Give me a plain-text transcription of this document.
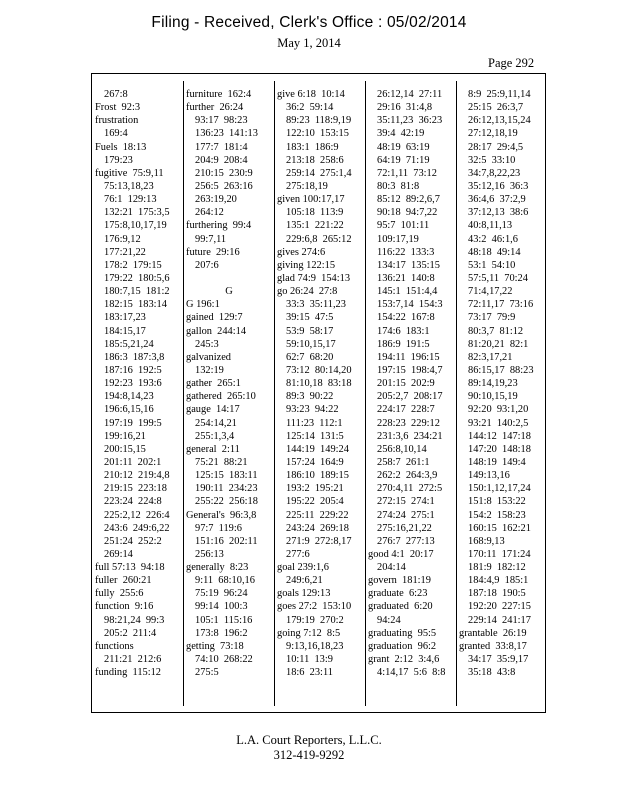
Filing - Received, Clerk's Office : 05/02/2014
May 1, 2014
Page 292
267:8
Frost  92:3
frustration
169:4
Fuels  18:13
179:23
fugitive  75:9,11
75:13,18,23
76:1  129:13
132:21  175:3,5
175:8,10,17,19
176:9,12
177:21,22
178:2  179:15
179:22  180:5,6
180:7,15  181:2
182:15  183:14
183:17,23
184:15,17
185:5,21,24
186:3  187:3,8
187:16  192:5
192:23  193:6
194:8,14,23
196:6,15,16
197:19  199:5
199:16,21
200:15,15
201:11  202:1
210:12  219:4,8
219:15  223:18
223:24  224:8
225:2,12  226:4
243:6  249:6,22
251:24  252:2
269:14
full 57:13  94:18
fuller  260:21
fully  255:6
function  9:16
98:21,24  99:3
205:2  211:4
functions
211:21  212:6
funding  115:12
furniture  162:4
further  26:24
93:17  98:23
136:23  141:13
177:7  181:4
204:9  208:4
210:15  230:9
256:5  263:16
263:19,20
264:12
furthering  99:4
99:7,11
future  29:16
207:6
G
G 196:1
gained  129:7
gallon  244:14
245:3
galvanized
132:19
gather  265:1
gathered  265:10
gauge  14:17
254:14,21
255:1,3,4
general  2:11
75:21  88:21
125:15  183:11
190:11  234:23
255:22  256:18
General's  96:3,8
97:7  119:6
151:16  202:11
256:13
generally  8:23
9:11  68:10,16
75:19  96:24
99:14  100:3
105:1  115:16
173:8  196:2
getting  73:18
74:10  268:22
275:5
give 6:18  10:14
36:2  59:14
89:23  118:9,19
122:10  153:15
183:1  186:9
213:18  258:6
259:14  275:1,4
275:18,19
given 100:17,17
105:18  113:9
135:1  221:22
229:6,8  265:12
gives 274:6
giving 122:15
glad 74:9  154:13
go 26:24  27:8
33:3  35:11,23
39:15  47:5
53:9  58:17
59:10,15,17
62:7  68:20
73:12  80:14,20
81:10,18  83:18
89:3  90:22
93:23  94:22
111:23  112:1
125:14  131:5
144:19  149:24
157:24  164:9
186:10  189:15
193:2  195:21
195:22  205:4
225:11  229:22
243:24  269:18
271:9  272:8,17
277:6
goal 239:1,6
249:6,21
goals 129:13
goes 27:2  153:10
179:19  270:2
going 7:12  8:5
9:13,16,18,23
10:11  13:9
18:6  23:11
26:12,14  27:11
29:16  31:4,8
35:11,23  36:23
39:4  42:19
48:19  63:19
64:19  71:19
72:1,11  73:12
80:3  81:8
85:12  89:2,6,7
90:18  94:7,22
95:7  101:11
109:17,19
116:22  133:3
134:17  135:15
136:21  140:8
145:1  151:4,4
153:7,14  154:3
154:22  167:8
174:6  183:1
186:9  191:5
194:11  196:15
197:15  198:4,7
201:15  202:9
205:2,7  208:17
224:17  228:7
228:23  229:12
231:3,6  234:21
256:8,10,14
258:7  261:1
262:2  264:3,9
270:4,11  272:5
272:15  274:1
274:24  275:1
275:16,21,22
276:7  277:13
good 4:1  20:17
204:14
govern  181:19
graduate  6:23
graduated  6:20
94:24
graduating  95:5
graduation  96:2
grant  2:12  3:4,6
4:14,17  5:6  8:8
8:9  25:9,11,14
25:15  26:3,7
26:12,13,15,24
27:12,18,19
28:17  29:4,5
32:5  33:10
34:7,8,22,23
35:12,16  36:3
36:4,6  37:2,9
37:12,13  38:6
40:8,11,13
43:2  46:1,6
48:18  49:14
53:1  54:10
57:5,11  70:24
71:4,17,22
72:11,17  73:16
73:17  79:9
80:3,7  81:12
81:20,21  82:1
82:3,17,21
86:15,17  88:23
89:14,19,23
90:10,15,19
92:20  93:1,20
93:21  140:2,5
144:12  147:18
147:20  148:18
148:19  149:4
149:13,16
150:1,12,17,24
151:8  153:22
154:2  158:23
160:15  162:21
168:9,13
170:11  171:24
181:9  182:12
184:4,9  185:1
187:18  190:5
192:20  227:15
229:14  241:17
grantable  26:19
granted  33:8,17
34:17  35:9,17
35:18  43:8
L.A. Court Reporters, L.L.C.
312-419-9292
